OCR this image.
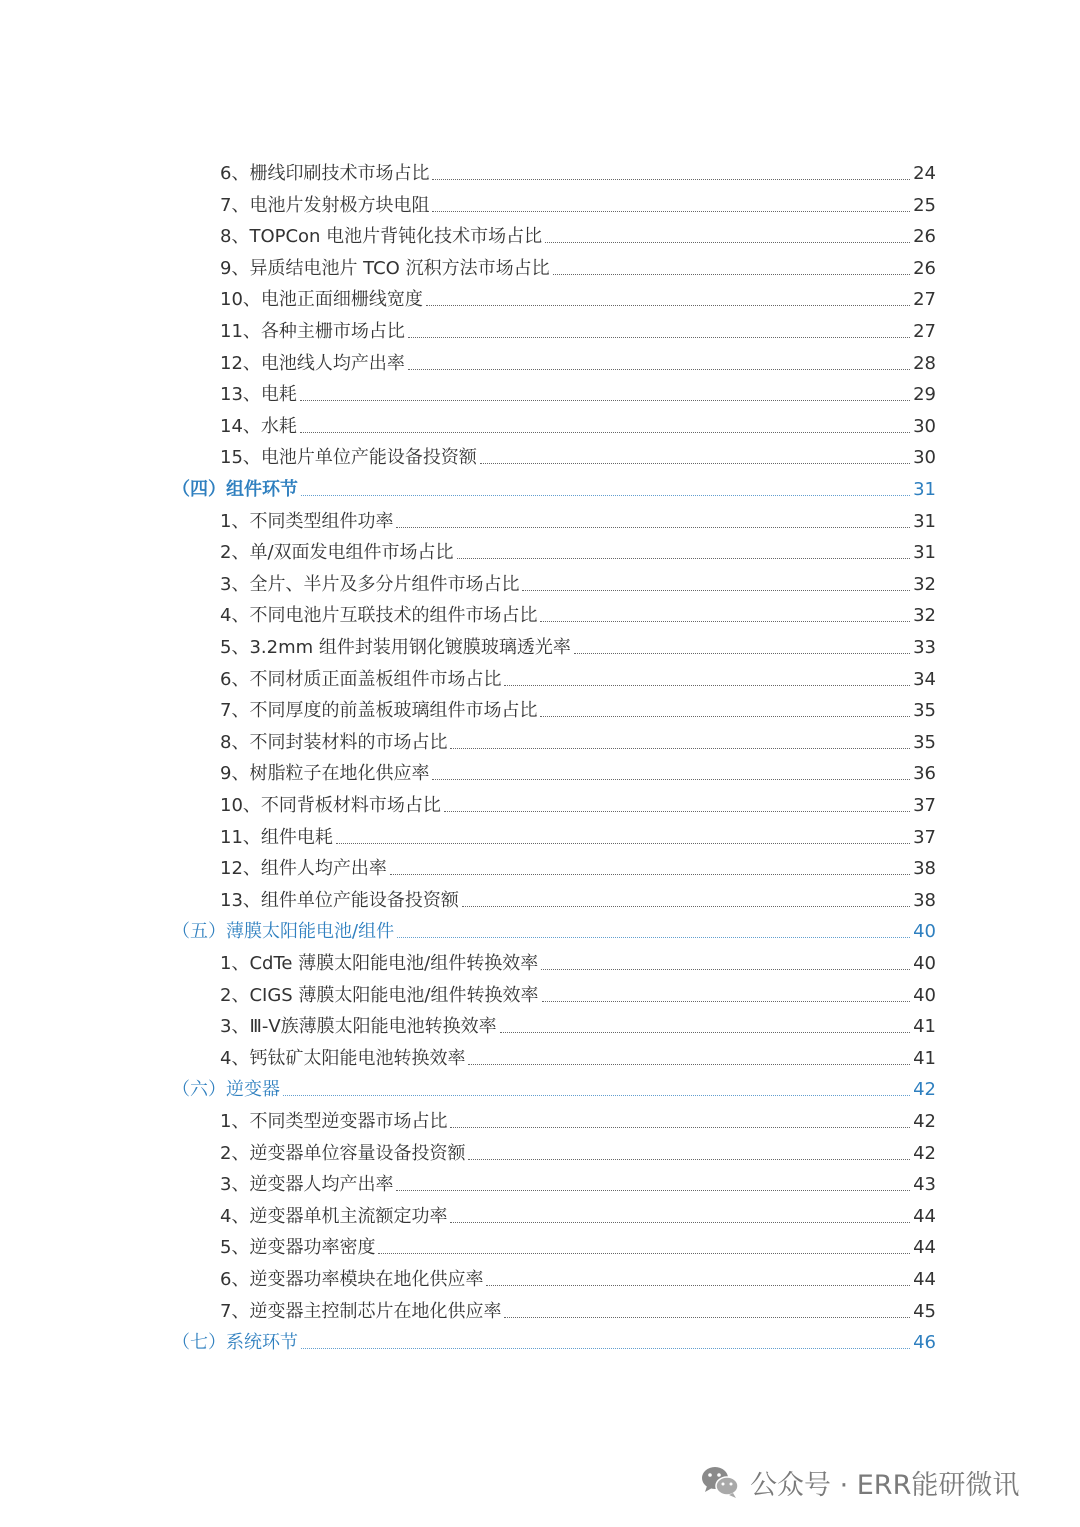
6、栅线印刷技术市场占比	24
7、电池片发射极方块电阻	25
8、TOPCon 电池片背钝化技术市场占比	26
9、异质结电池片 TCO 沉积方法市场占比	26
10、电池正面细栅线宽度	27
11、各种主栅市场占比	27
12、电池线人均产出率	28
13、电耗	29
14、水耗	30
15、电池片单位产能设备投资额	30
（四）组件环节	31
1、不同类型组件功率	31
2、单/双面发电组件市场占比	31
3、全片、半片及多分片组件市场占比	32
4、不同电池片互联技术的组件市场占比	32
5、3.2mm 组件封装用钢化镀膜玻璃透光率	33
6、不同材质正面盖板组件市场占比	34
7、不同厚度的前盖板玻璃组件市场占比	35
8、不同封装材料的市场占比	35
9、树脂粒子在地化供应率	36
10、不同背板材料市场占比	37
11、组件电耗	37
12、组件人均产出率	38
13、组件单位产能设备投资额	38
（五）薄膜太阳能电池/组件	40
1、CdTe 薄膜太阳能电池/组件转换效率	40
2、CIGS 薄膜太阳能电池/组件转换效率	40
3、Ⅲ-Ⅴ族薄膜太阳能电池转换效率	41
4、钙钛矿太阳能电池转换效率	41
（六）逆变器	42
1、不同类型逆变器市场占比	42
2、逆变器单位容量设备投资额	42
3、逆变器人均产出率	43
4、逆变器单机主流额定功率	44
5、逆变器功率密度	44
6、逆变器功率模块在地化供应率	44
7、逆变器主控制芯片在地化供应率	45
（七）系统环节	46
公众号 · ERR能研微讯
